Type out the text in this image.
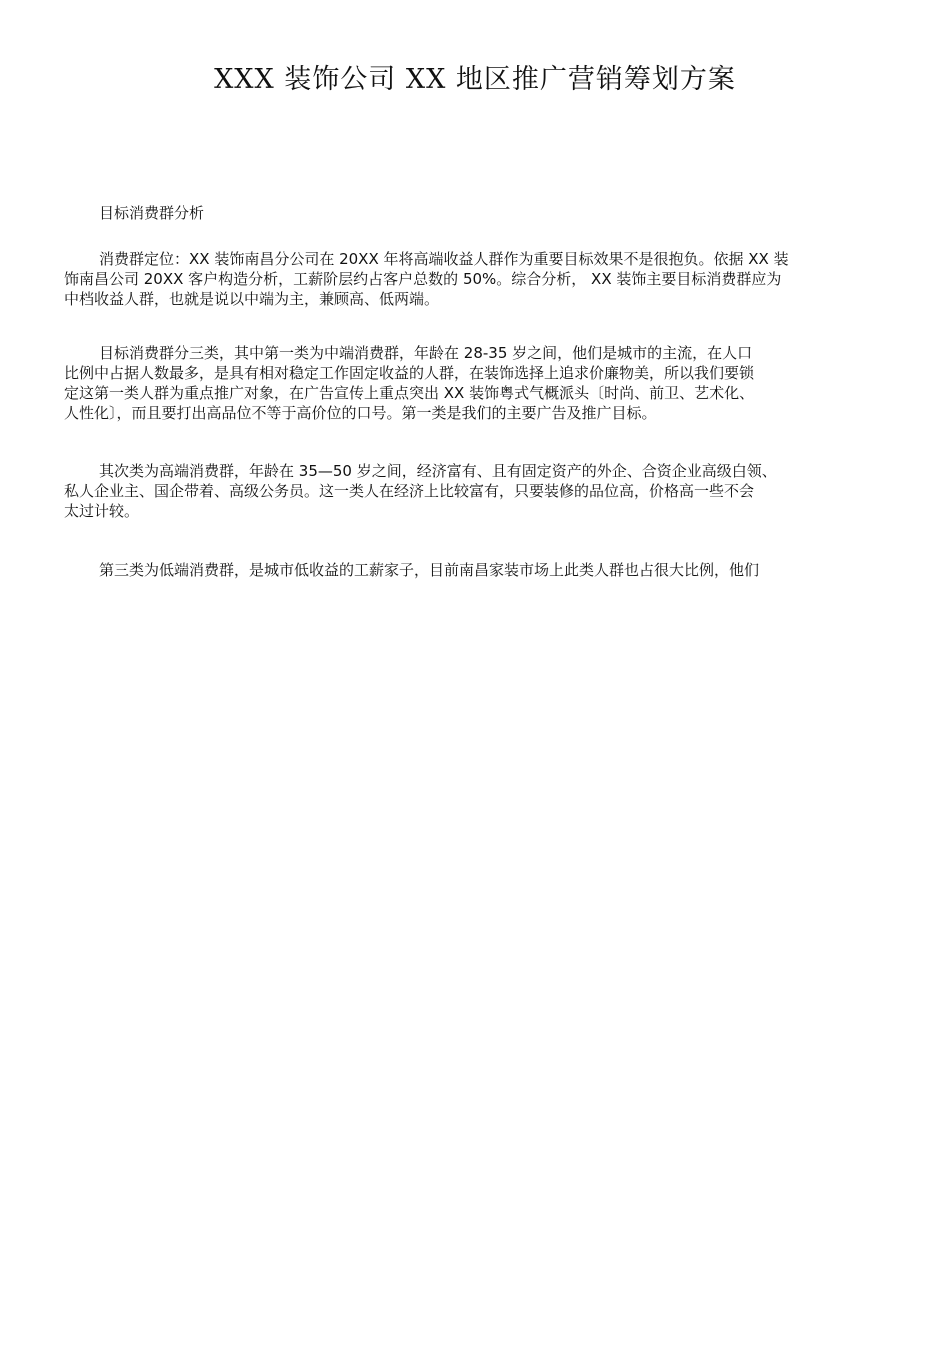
XXX 装饰公司 XX 地区推广营销筹划方案
目标消费群分析
消费群定位：XX 装饰南昌分公司在 20XX 年将高端收益人群作为重要目标效果不是很抱负。依据 XX 装
饰南昌公司 20XX 客户构造分析，工薪阶层约占客户总数的 50%。综合分析， XX 装饰主要目标消费群应为
中档收益人群，也就是说以中端为主，兼顾高、低两端。
目标消费群分三类，其中第一类为中端消费群，年龄在 28-35 岁之间，他们是城市的主流，在人口
比例中占据人数最多，是具有相对稳定工作固定收益的人群，在装饰选择上追求价廉物美，所以我们要锁
定这第一类人群为重点推广对象，在广告宣传上重点突出 XX 装饰粤式气概派头〔时尚、前卫、艺术化、
人性化〕，而且要打出高品位不等于高价位的口号。第一类是我们的主要广告及推广目标。
其次类为高端消费群，年龄在 35—50 岁之间，经济富有、且有固定资产的外企、合资企业高级白领、
私人企业主、国企带着、高级公务员。这一类人在经济上比较富有，只要装修的品位高，价格高一些不会
太过计较。
第三类为低端消费群，是城市低收益的工薪家子，目前南昌家装市场上此类人群也占很大比例，他们
